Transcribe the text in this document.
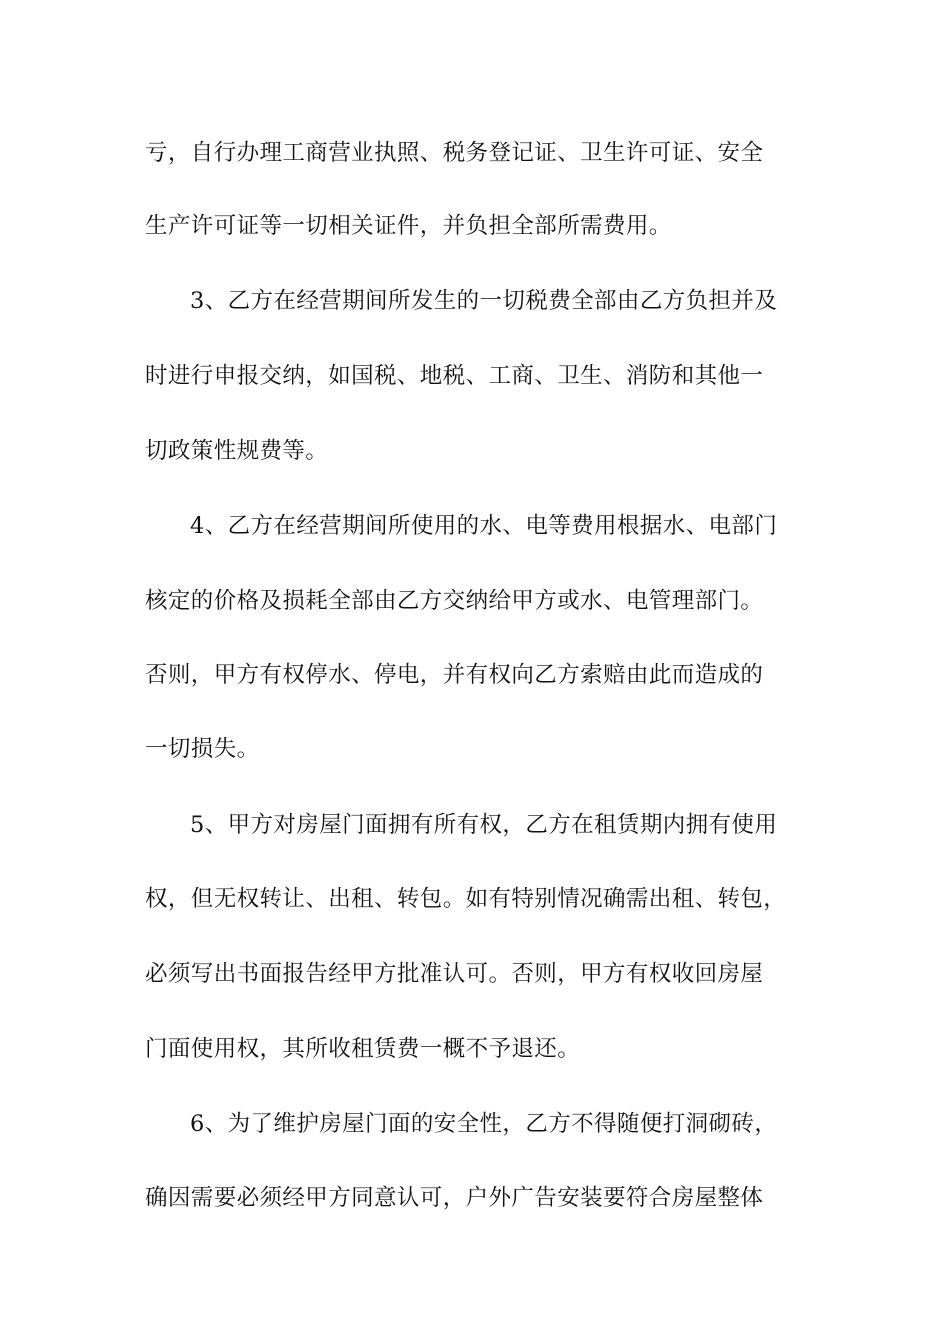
亏，自行办理工商营业执照、税务登记证、卫生许可证、安全
生产许可证等一切相关证件，并负担全部所需费用。
3、乙方在经营期间所发生的一切税费全部由乙方负担并及
时进行申报交纳，如国税、地税、工商、卫生、消防和其他一
切政策性规费等。
4、乙方在经营期间所使用的水、电等费用根据水、电部门
核定的价格及损耗全部由乙方交纳给甲方或水、电管理部门。
否则，甲方有权停水、停电，并有权向乙方索赔由此而造成的
一切损失。
5、甲方对房屋门面拥有所有权，乙方在租赁期内拥有使用
权，但无权转让、出租、转包。如有特别情况确需出租、转包，
必须写出书面报告经甲方批准认可。否则，甲方有权收回房屋
门面使用权，其所收租赁费一概不予退还。
6、为了维护房屋门面的安全性，乙方不得随便打洞砌砖，
确因需要必须经甲方同意认可，户外广告安装要符合房屋整体
